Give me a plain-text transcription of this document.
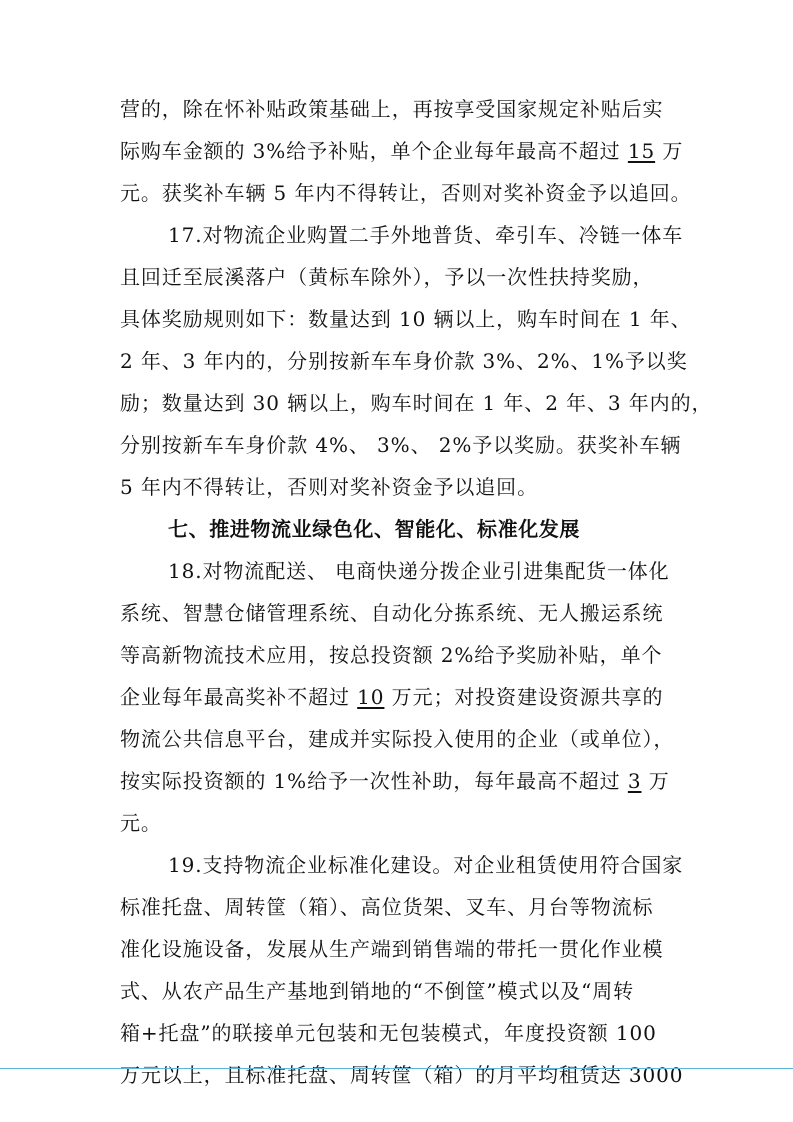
营的，除在怀补贴政策基础上，再按享受国家规定补贴后实
际购车金额的 3%给予补贴，单个企业每年最高不超过 15 万
元。获奖补车辆 5 年内不得转让，否则对奖补资金予以追回。
17.对物流企业购置二手外地普货、牵引车、冷链一体车
且回迁至辰溪落户（黄标车除外），予以一次性扶持奖励，
具体奖励规则如下：数量达到 10 辆以上，购车时间在 1 年、
2 年、3 年内的，分别按新车车身价款 3%、2%、1%予以奖
励；数量达到 30 辆以上，购车时间在 1 年、2 年、3 年内的，
分别按新车车身价款 4%、 3%、 2%予以奖励。获奖补车辆
5 年内不得转让，否则对奖补资金予以追回。
七、推进物流业绿色化、智能化、标准化发展
18.对物流配送、 电商快递分拨企业引进集配货一体化
系统、智慧仓储管理系统、自动化分拣系统、无人搬运系统
等高新物流技术应用，按总投资额 2%给予奖励补贴，单个
企业每年最高奖补不超过 10 万元；对投资建设资源共享的
物流公共信息平台，建成并实际投入使用的企业（或单位），
按实际投资额的 1%给予一次性补助，每年最高不超过 3 万
元。
19.支持物流企业标准化建设。对企业租赁使用符合国家
标准托盘、周转筐（箱）、高位货架、叉车、月台等物流标
准化设施设备，发展从生产端到销售端的带托一贯化作业模
式、从农产品生产基地到销地的“不倒筐”模式以及“周转
箱+托盘”的联接单元包装和无包装模式，年度投资额 100
万元以上，且标准托盘、周转筐（箱）的月平均租赁达 3000
